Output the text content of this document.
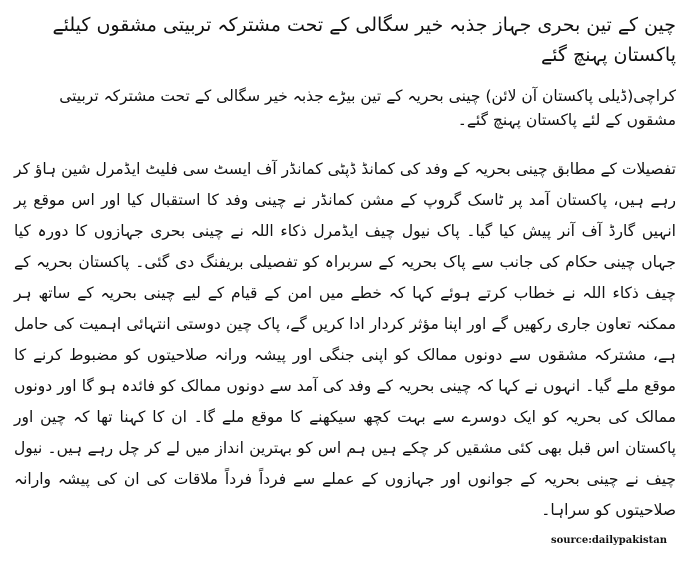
چین کے تین بحری جہاز جذبہ خیر سگالی کے تحت مشترکہ تربیتی مشقوں کیلئے پاکستان پہنچ گئے

کراچی(ڈیلی پاکستان آن لائن) چینی بحریہ کے تین بیڑے جذبہ خیر سگالی کے تحت مشترکہ تربیتی مشقوں کے لئے پاکستان پہنچ گئے۔

تفصیلات کے مطابق چینی بحریہ کے وفد کی کمانڈ ڈپٹی کمانڈر آف ایسٹ سی فلیٹ ایڈمرل شین ہاؤ کر رہے ہیں، پاکستان آمد پر ٹاسک گروپ کے مشن کمانڈر نے چینی وفد کا استقبال کیا اور اس موقع پر انہیں گارڈ آف آنر پیش کیا گیا۔ پاک نیول چیف ایڈمرل ذکاء اللہ نے چینی بحری جہازوں کا دورہ کیا جہاں چینی حکام کی جانب سے پاک بحریہ کے سربراہ کو تفصیلی بریفنگ دی گئی۔ پاکستان بحریہ کے چیف ذکاء اللہ نے خطاب کرتے ہوئے کہا کہ خطے میں امن کے قیام کے لیے چینی بحریہ کے ساتھ ہر ممکنہ تعاون جاری رکھیں گے اور اپنا مؤثر کردار ادا کریں گے، پاک چین دوستی انتہائی اہمیت کی حامل ہے، مشترکہ مشقوں سے دونوں ممالک کو اپنی جنگی اور پیشہ ورانہ صلاحیتوں کو مضبوط کرنے کا موقع ملے گیا۔ انہوں نے کہا کہ چینی بحریہ کے وفد کی آمد سے دونوں ممالک کو فائدہ ہو گا اور دونوں ممالک کی بحریہ کو ایک دوسرے سے بہت کچھ سیکھنے کا موقع ملے گا۔ ان کا کہنا تھا کہ چین اور پاکستان اس قبل بھی کئی مشقیں کر چکے ہیں ہم اس کو بہترین انداز میں لے کر چل رہے ہیں۔ نیول چیف نے چینی بحریہ کے جوانوں اور جہازوں کے عملے سے فرداً فرداً ملاقات کی ان کی پیشہ وارانہ صلاحیتوں کو سراہا۔

source:dailypakistan
